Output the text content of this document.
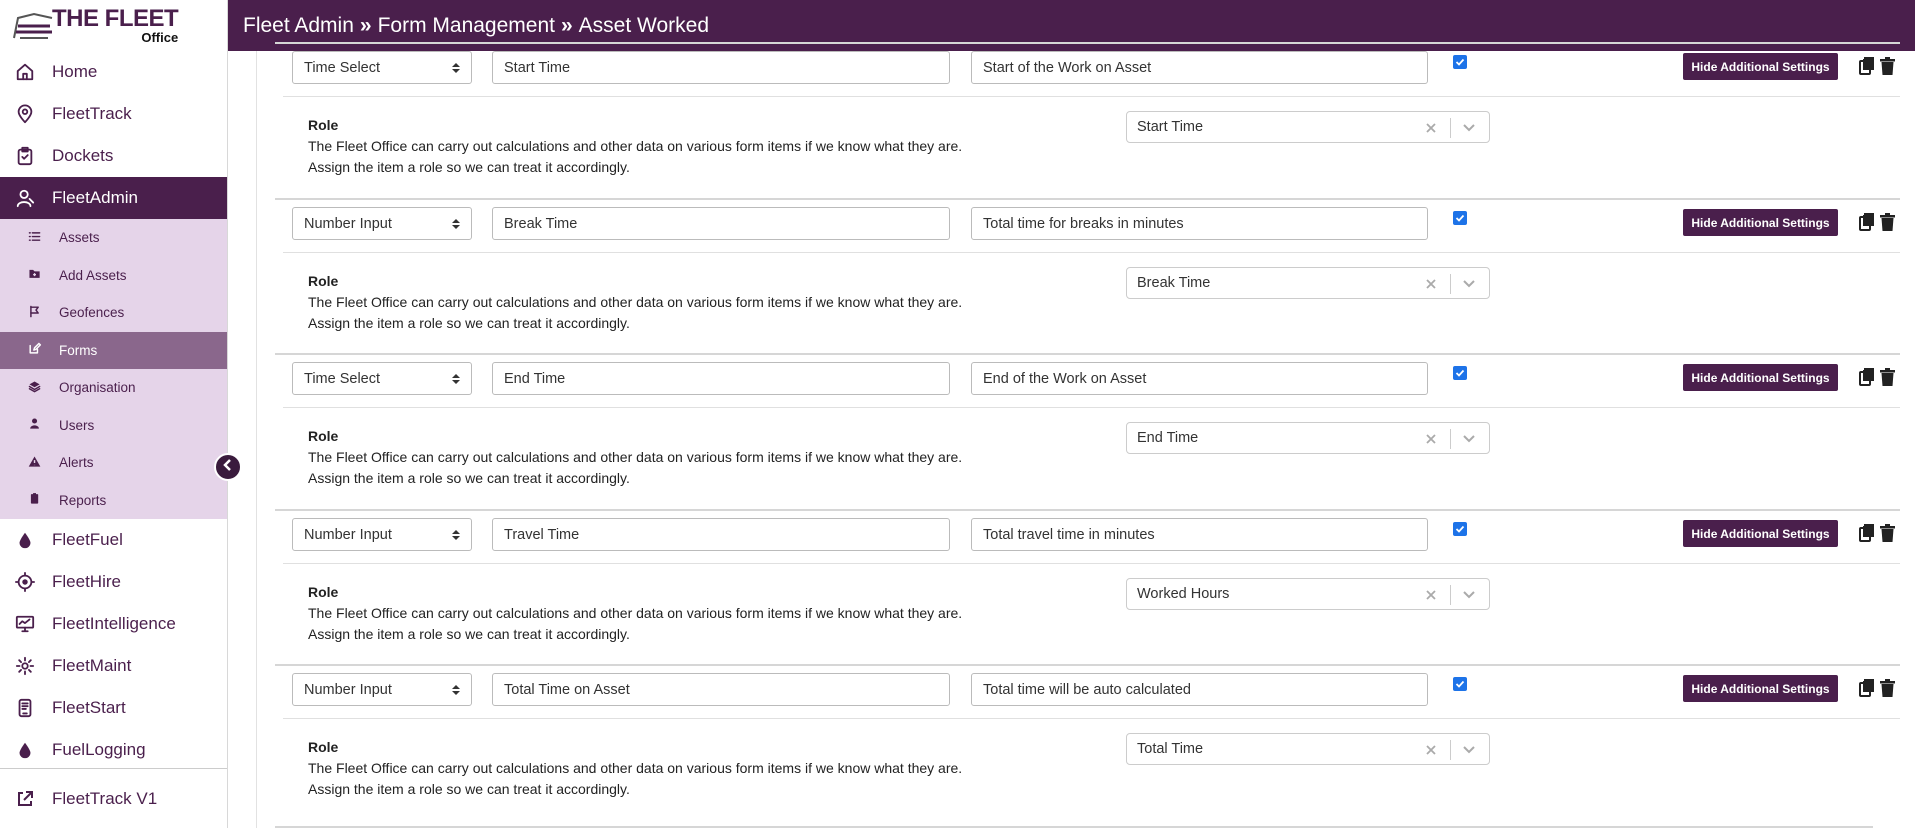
THE FLEET
Office
Home
FleetTrack
Dockets
FleetAdmin
Assets
Add Assets
Geofences
Forms
Organisation
Users
Alerts
Reports
FleetFuel
FleetHire
FleetIntelligence
FleetMaint
FleetStart
FuelLogging
FleetTrack V1
Fleet Admin » Form Management » Asset Worked
Time Select	Start Time	Start of the Work on Asset	Hide Additional Settings
Role
The Fleet Office can carry out calculations and other data on various form items if we know what they are.
Assign the item a role so we can treat it accordingly.
Start Time
Number Input	Break Time	Total time for breaks in minutes	Hide Additional Settings
Role
The Fleet Office can carry out calculations and other data on various form items if we know what they are.
Assign the item a role so we can treat it accordingly.
Break Time
Time Select	End Time	End of the Work on Asset	Hide Additional Settings
Role
The Fleet Office can carry out calculations and other data on various form items if we know what they are.
Assign the item a role so we can treat it accordingly.
End Time
Number Input	Travel Time	Total travel time in minutes	Hide Additional Settings
Role
The Fleet Office can carry out calculations and other data on various form items if we know what they are.
Assign the item a role so we can treat it accordingly.
Worked Hours
Number Input	Total Time on Asset	Total time will be auto calculated	Hide Additional Settings
Role
The Fleet Office can carry out calculations and other data on various form items if we know what they are.
Assign the item a role so we can treat it accordingly.
Total Time
